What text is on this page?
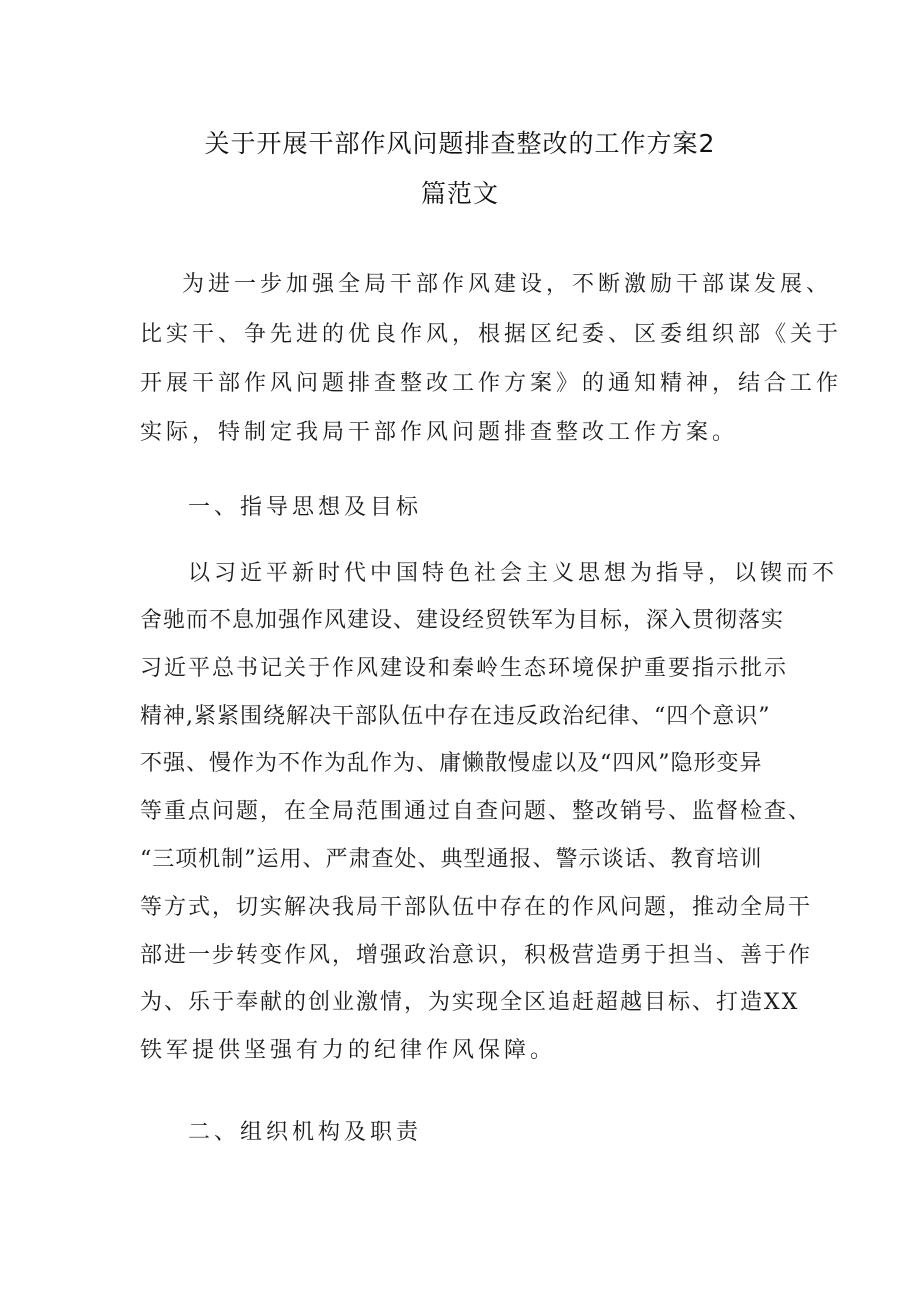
关于开展干部作风问题排查整改的工作方案2
篇范文
为进一步加强全局干部作风建设，不断激励干部谋发展、
比实干、争先进的优良作风，根据区纪委、区委组织部《关于
开展干部作风问题排查整改工作方案》的通知精神，结合工作
实际，特制定我局干部作风问题排查整改工作方案。
一、指导思想及目标
以习近平新时代中国特色社会主义思想为指导，以锲而不
舍驰而不息加强作风建设、建设经贸铁军为目标，深入贯彻落实
习近平总书记关于作风建设和秦岭生态环境保护重要指示批示
精神,紧紧围绕解决干部队伍中存在违反政治纪律、“四个意识”
不强、慢作为不作为乱作为、庸懒散慢虚以及“四风”隐形变异
等重点问题，在全局范围通过自查问题、整改销号、监督检查、
“三项机制”运用、严肃查处、典型通报、警示谈话、教育培训
等方式，切实解决我局干部队伍中存在的作风问题，推动全局干
部进一步转变作风，增强政治意识，积极营造勇于担当、善于作
为、乐于奉献的创业激情，为实现全区追赶超越目标、打造XX
铁军提供坚强有力的纪律作风保障。
二、组织机构及职责
